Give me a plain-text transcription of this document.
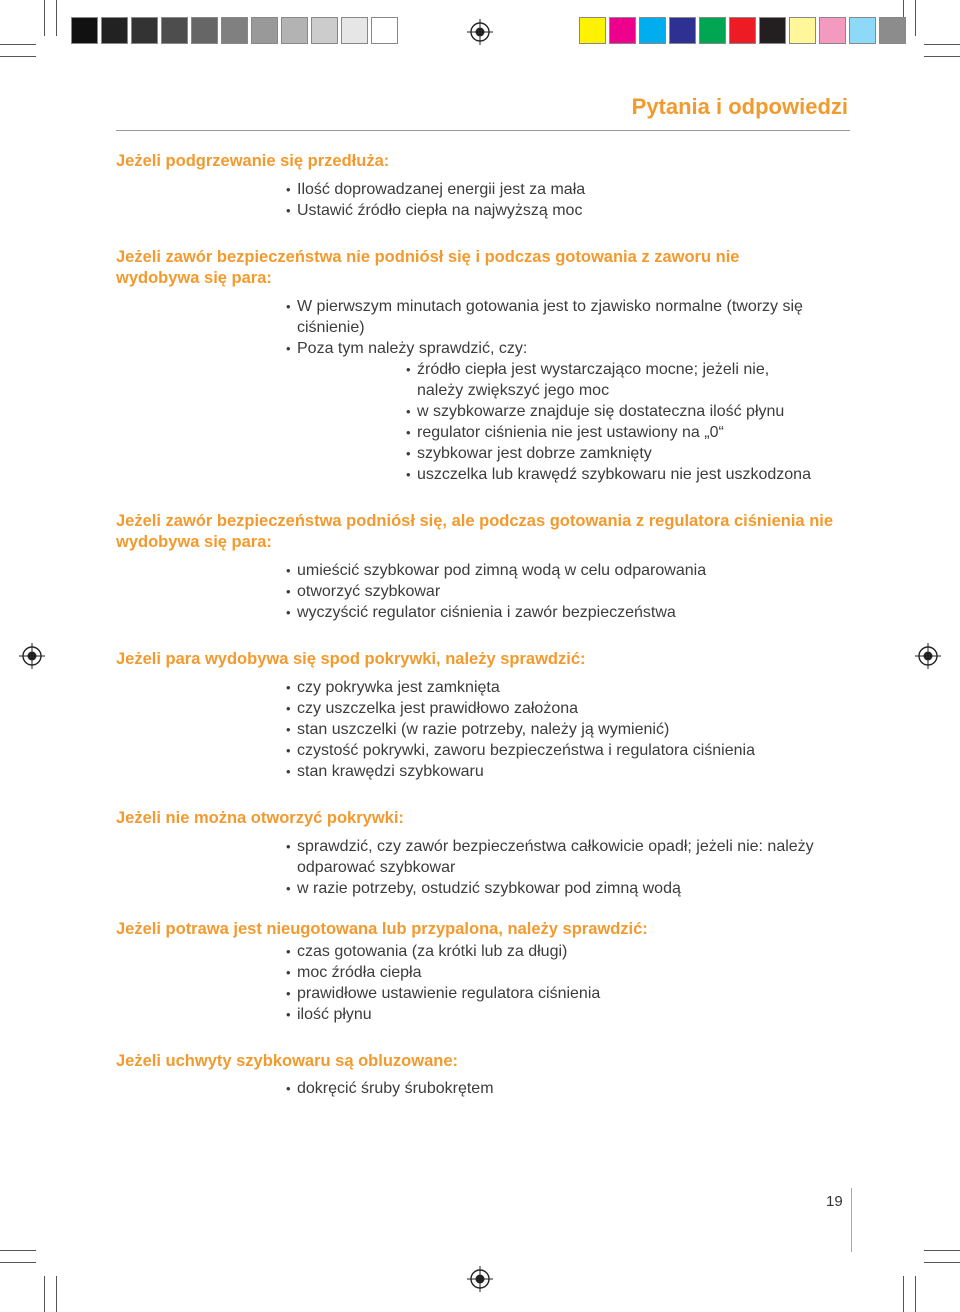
Pytania i odpowiedzi

Jeżeli podgrzewanie się przedłuża:

• Ilość doprowadzanej energii jest za mała
• Ustawić źródło ciepła na najwyższą moc

Jeżeli zawór bezpieczeństwa nie podniósł się i podczas gotowania z zaworu nie wydobywa się para:

• W pierwszym minutach gotowania jest to zjawisko normalne (tworzy się ciśnienie)
• Poza tym należy sprawdzić, czy:
• źródło ciepła jest wystarczająco mocne; jeżeli nie, należy zwiększyć jego moc
• w szybkowarze znajduje się dostateczna ilość płynu
• regulator ciśnienia nie jest ustawiony na „0“
• szybkowar jest dobrze zamknięty
• uszczelka lub krawędź szybkowaru nie jest uszkodzona

Jeżeli zawór bezpieczeństwa podniósł się, ale podczas gotowania z regulatora ciśnienia nie wydobywa się para:

• umieścić szybkowar pod zimną wodą w celu odparowania
• otworzyć szybkowar
• wyczyścić regulator ciśnienia i zawór bezpieczeństwa

Jeżeli para wydobywa się spod pokrywki, należy sprawdzić:

• czy pokrywka jest zamknięta
• czy uszczelka jest prawidłowo założona
• stan uszczelki (w razie potrzeby, należy ją wymienić)
• czystość pokrywki, zaworu bezpieczeństwa i regulatora ciśnienia
• stan krawędzi szybkowaru

Jeżeli nie można otworzyć pokrywki:

• sprawdzić, czy zawór bezpieczeństwa całkowicie opadł; jeżeli nie: należy odparować szybkowar
• w razie potrzeby, ostudzić szybkowar pod zimną wodą

Jeżeli potrawa jest nieugotowana lub przypalona, należy sprawdzić:

• czas gotowania (za krótki lub za długi)
• moc źródła ciepła
• prawidłowe ustawienie regulatora ciśnienia
• ilość płynu

Jeżeli uchwyty szybkowaru są obluzowane:

• dokręcić śruby śrubokrętem
19
